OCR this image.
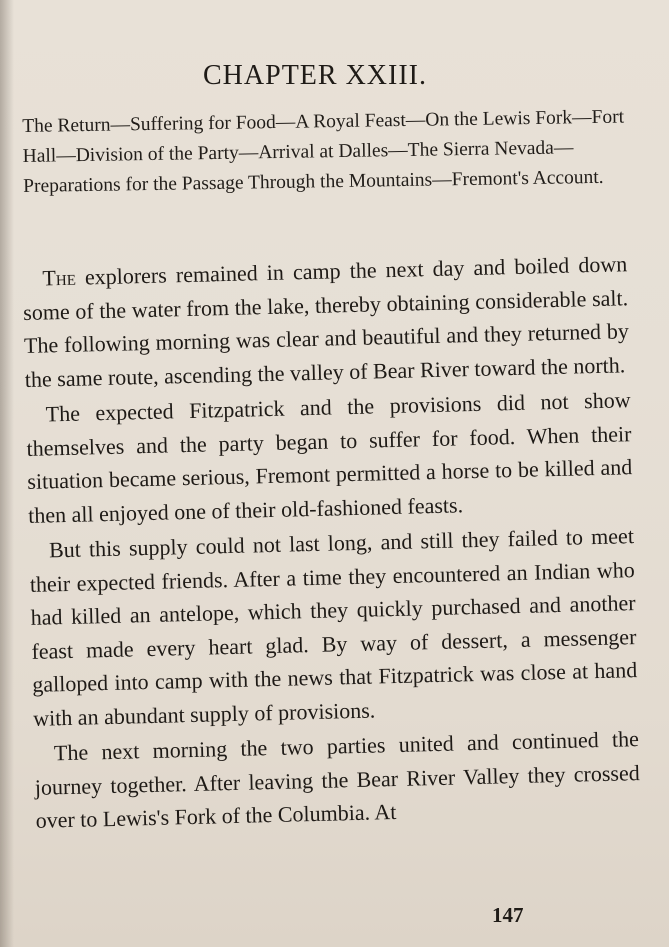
CHAPTER XXIII.
The Return—Suffering for Food—A Royal Feast—On the Lewis Fork—Fort Hall—Division of the Party—Arrival at Dalles—The Sierra Nevada—Preparations for the Passage Through the Mountains—Fremont's Account.

The explorers remained in camp the next day and boiled down some of the water from the lake, thereby obtaining considerable salt. The following morning was clear and beautiful and they returned by the same route, ascending the valley of Bear River toward the north.

The expected Fitzpatrick and the provisions did not show themselves and the party began to suffer for food. When their situation became serious, Fremont permitted a horse to be killed and then all enjoyed one of their old-fashioned feasts.

But this supply could not last long, and still they failed to meet their expected friends. After a time they encountered an Indian who had killed an antelope, which they quickly purchased and another feast made every heart glad. By way of dessert, a messenger galloped into camp with the news that Fitzpatrick was close at hand with an abundant supply of provisions.

The next morning the two parties united and continued the journey together. After leaving the Bear River Valley they crossed over to Lewis's Fork of the Columbia. At

147
